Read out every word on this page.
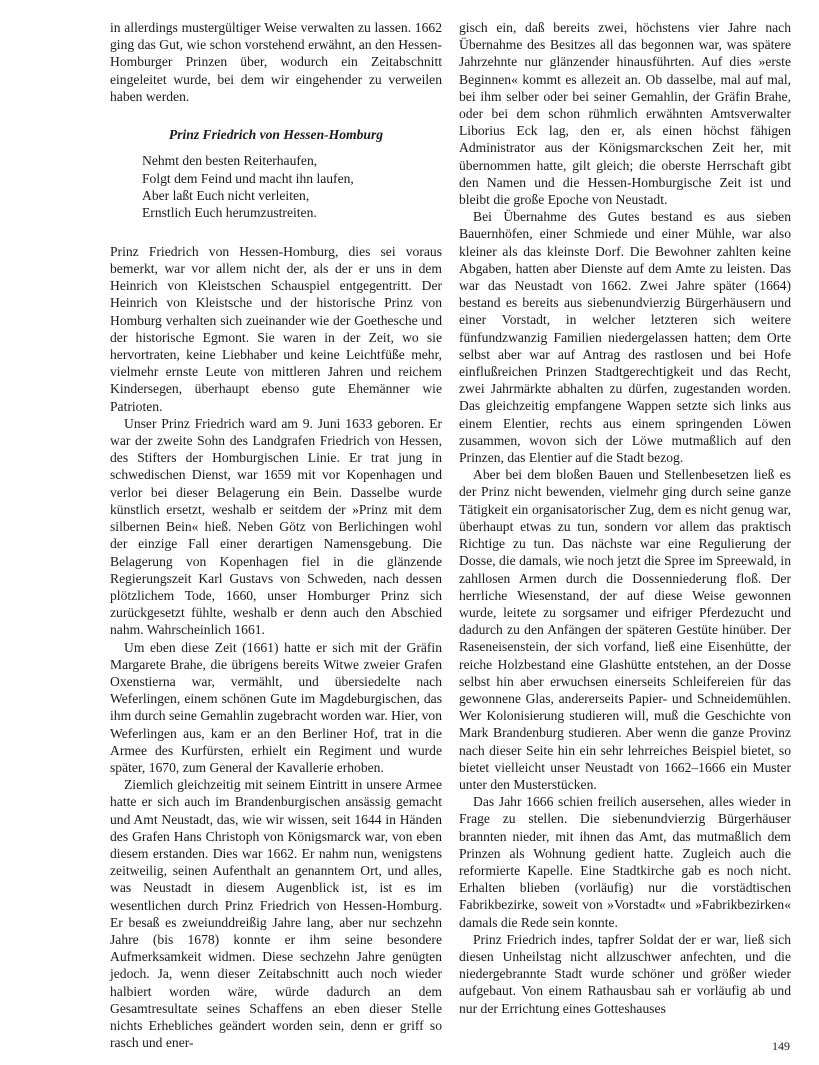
in allerdings mustergültiger Weise verwalten zu lassen. 1662 ging das Gut, wie schon vorstehend erwähnt, an den Hessen-Homburger Prinzen über, wodurch ein Zeitabschnitt eingeleitet wurde, bei dem wir eingehender zu verweilen haben werden.

Prinz Friedrich von Hessen-Homburg

Nehmt den besten Reiterhaufen,
Folgt dem Feind und macht ihn laufen,
Aber laßt Euch nicht verleiten,
Ernstlich Euch herumzustreiten.

Prinz Friedrich von Hessen-Homburg, dies sei voraus bemerkt, war vor allem nicht der, als der er uns in dem Heinrich von Kleistschen Schauspiel entgegentritt. Der Heinrich von Kleistsche und der historische Prinz von Homburg verhalten sich zueinander wie der Goethesche und der historische Egmont. Sie waren in der Zeit, wo sie hervortraten, keine Liebhaber und keine Leichtfüße mehr, vielmehr ernste Leute von mittleren Jahren und reichem Kindersegen, überhaupt ebenso gute Ehemänner wie Patrioten.

Unser Prinz Friedrich ward am 9. Juni 1633 geboren. Er war der zweite Sohn des Landgrafen Friedrich von Hessen, des Stifters der Homburgischen Linie. Er trat jung in schwedischen Dienst, war 1659 mit vor Kopenhagen und verlor bei dieser Belagerung ein Bein. Dasselbe wurde künstlich ersetzt, weshalb er seitdem der »Prinz mit dem silbernen Bein« hieß. Neben Götz von Berlichingen wohl der einzige Fall einer derartigen Namensgebung. Die Belagerung von Kopenhagen fiel in die glänzende Regierungszeit Karl Gustavs von Schweden, nach dessen plötzlichem Tode, 1660, unser Homburger Prinz sich zurückgesetzt fühlte, weshalb er denn auch den Abschied nahm. Wahrscheinlich 1661.

Um eben diese Zeit (1661) hatte er sich mit der Gräfin Margarete Brahe, die übrigens bereits Witwe zweier Grafen Oxenstierna war, vermählt, und übersiedelte nach Weferlingen, einem schönen Gute im Magdeburgischen, das ihm durch seine Gemahlin zugebracht worden war. Hier, von Weferlingen aus, kam er an den Berliner Hof, trat in die Armee des Kurfürsten, erhielt ein Regiment und wurde später, 1670, zum General der Kavallerie erhoben.

Ziemlich gleichzeitig mit seinem Eintritt in unsere Armee hatte er sich auch im Brandenburgischen ansässig gemacht und Amt Neustadt, das, wie wir wissen, seit 1644 in Händen des Grafen Hans Christoph von Königsmarck war, von eben diesem erstanden. Dies war 1662. Er nahm nun, wenigstens zeitweilig, seinen Aufenthalt an genanntem Ort, und alles, was Neustadt in diesem Augenblick ist, ist es im wesentlichen durch Prinz Friedrich von Hessen-Homburg. Er besaß es zweiunddreißig Jahre lang, aber nur sechzehn Jahre (bis 1678) konnte er ihm seine besondere Aufmerksamkeit widmen. Diese sechzehn Jahre genügten jedoch. Ja, wenn dieser Zeitabschnitt auch noch wieder halbiert worden wäre, würde dadurch an dem Gesamtresultate seines Schaffens an eben dieser Stelle nichts Erhebliches geändert worden sein, denn er griff so rasch und ener-

gisch ein, daß bereits zwei, höchstens vier Jahre nach Übernahme des Besitzes all das begonnen war, was spätere Jahrzehnte nur glänzender hinausführten. Auf dies »erste Beginnen« kommt es allezeit an. Ob dasselbe, mal auf mal, bei ihm selber oder bei seiner Gemahlin, der Gräfin Brahe, oder bei dem schon rühmlich erwähnten Amtsverwalter Liborius Eck lag, den er, als einen höchst fähigen Administrator aus der Königsmarckschen Zeit her, mit übernommen hatte, gilt gleich; die oberste Herrschaft gibt den Namen und die Hessen-Homburgische Zeit ist und bleibt die große Epoche von Neustadt.

Bei Übernahme des Gutes bestand es aus sieben Bauernhöfen, einer Schmiede und einer Mühle, war also kleiner als das kleinste Dorf. Die Bewohner zahlten keine Abgaben, hatten aber Dienste auf dem Amte zu leisten. Das war das Neustadt von 1662. Zwei Jahre später (1664) bestand es bereits aus siebenundvierzig Bürgerhäusern und einer Vorstadt, in welcher letzteren sich weitere fünfundzwanzig Familien niedergelassen hatten; dem Orte selbst aber war auf Antrag des rastlosen und bei Hofe einflußreichen Prinzen Stadtgerechtigkeit und das Recht, zwei Jahrmärkte abhalten zu dürfen, zugestanden worden. Das gleichzeitig empfangene Wappen setzte sich links aus einem Elentier, rechts aus einem springenden Löwen zusammen, wovon sich der Löwe mutmaßlich auf den Prinzen, das Elentier auf die Stadt bezog.

Aber bei dem bloßen Bauen und Stellenbesetzen ließ es der Prinz nicht bewenden, vielmehr ging durch seine ganze Tätigkeit ein organisatorischer Zug, dem es nicht genug war, überhaupt etwas zu tun, sondern vor allem das praktisch Richtige zu tun. Das nächste war eine Regulierung der Dosse, die damals, wie noch jetzt die Spree im Spreewald, in zahllosen Armen durch die Dossenniederung floß. Der herrliche Wiesenstand, der auf diese Weise gewonnen wurde, leitete zu sorgsamer und eifriger Pferdezucht und dadurch zu den Anfängen der späteren Gestüte hinüber. Der Raseneisenstein, der sich vorfand, ließ eine Eisenhütte, der reiche Holzbestand eine Glashütte entstehen, an der Dosse selbst hin aber erwuchsen einerseits Schleifereien für das gewonnene Glas, andererseits Papier- und Schneidemühlen. Wer Kolonisierung studieren will, muß die Geschichte von Mark Brandenburg studieren. Aber wenn die ganze Provinz nach dieser Seite hin ein sehr lehrreiches Beispiel bietet, so bietet vielleicht unser Neustadt von 1662–1666 ein Muster unter den Musterstücken.

Das Jahr 1666 schien freilich ausersehen, alles wieder in Frage zu stellen. Die siebenundvierzig Bürgerhäuser brannten nieder, mit ihnen das Amt, das mutmaßlich dem Prinzen als Wohnung gedient hatte. Zugleich auch die reformierte Kapelle. Eine Stadtkirche gab es noch nicht. Erhalten blieben (vorläufig) nur die vorstädtischen Fabrikbezirke, soweit von »Vorstadt« und »Fabrikbezirken« damals die Rede sein konnte.

Prinz Friedrich indes, tapfrer Soldat der er war, ließ sich diesen Unheilstag nicht allzuschwer anfechten, und die niedergebrannte Stadt wurde schöner und größer wieder aufgebaut. Von einem Rathausbau sah er vorläufig ab und nur der Errichtung eines Gotteshauses

149
